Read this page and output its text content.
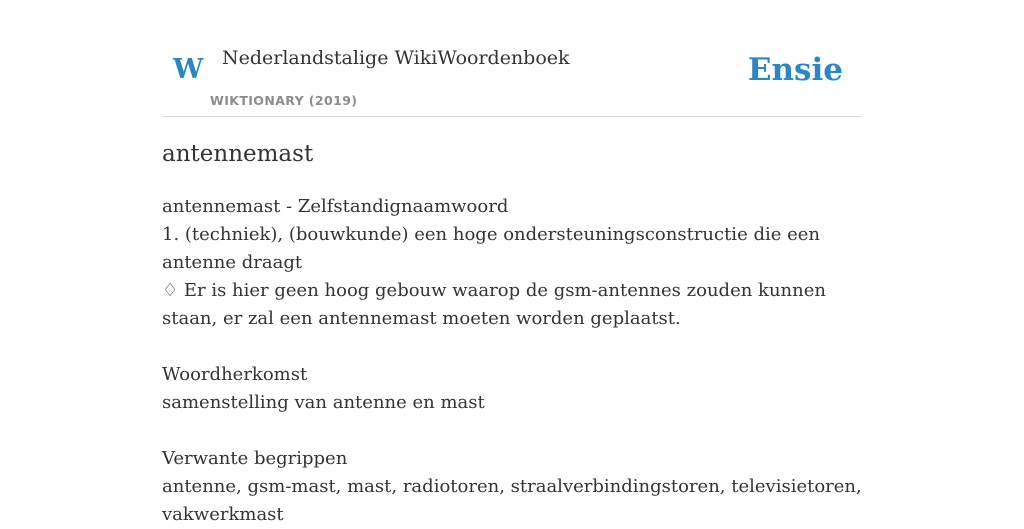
W Nederlandstalige WikiWoordenboek
WIKTIONARY (2019)
Ensie
antennemast

antennemast - Zelfstandignaamwoord

1. (techniek), (bouwkunde) een hoge ondersteuningsconstructie die een antenne draagt

♢ Er is hier geen hoog gebouw waarop de gsm-antennes zouden kunnen staan, er zal een antennemast moeten worden geplaatst.

Woordherkomst

samenstelling van antenne en mast

Verwante begrippen

antenne, gsm-mast, mast, radiotoren, straalverbindingstoren, televisietoren, vakwerkmast
